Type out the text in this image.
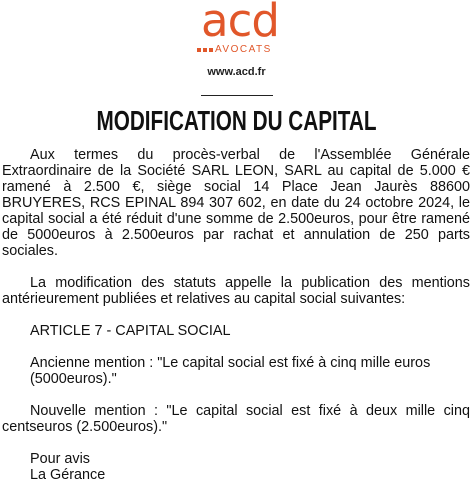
acd
AVOCATS
www.acd.fr
MODIFICATION DU CAPITAL

Aux termes du procès-verbal de l'Assemblée Générale Extraordinaire de la Société SARL LEON, SARL au capital de 5.000 € ramené à 2.500 €, siège social 14 Place Jean Jaurès 88600 BRUYERES, RCS EPINAL 894 307 602, en date du 24 octobre 2024, le capital social a été réduit d'une somme de 2.500euros, pour être ramené de 5000euros à 2.500euros par rachat et annulation de 250 parts sociales.

La modification des statuts appelle la publication des mentions antérieurement publiées et relatives au capital social suivantes:

ARTICLE 7 - CAPITAL SOCIAL

Ancienne mention : "Le capital social est fixé à cinq mille euros (5000euros)."

Nouvelle mention : "Le capital social est fixé à deux mille cinq centseuros (2.500euros)."

Pour avis

La Gérance
